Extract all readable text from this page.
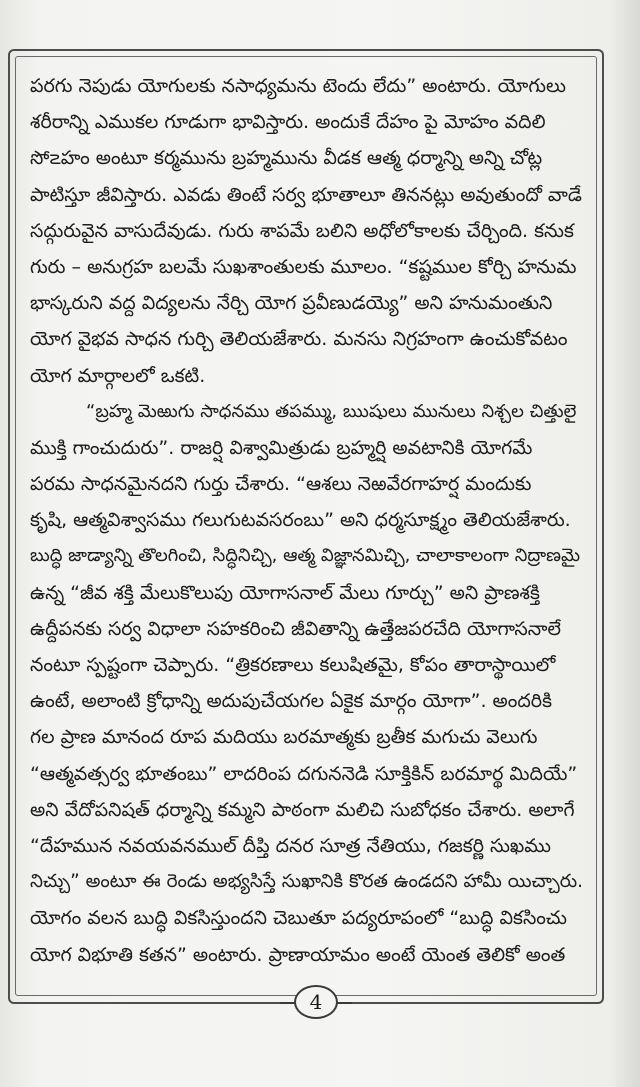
పరగు నెపుడు యోగులకు నసాధ్యమను టెందు లేదు” అంటారు. యోగులు
శరీరాన్ని ఎముకల గూడుగా భావిస్తారు. అందుకే దేహం పై మోహం వదిలి
సో౽హం అంటూ కర్మమును బ్రహ్మమును వీడక ఆత్మ ధర్మాన్ని అన్ని చోట్ల
పాటిస్తూ జీవిస్తారు. ఎవడు తింటే సర్వ భూతాలూ తిననట్లు అవుతుందో వాడే
సద్గురువైన వాసుదేవుడు. గురు శాపమే బలిని అధోలోకాలకు చేర్చింది. కనుక
గురు – అనుగ్రహ బలమే సుఖశాంతులకు మూలం. “కష్టముల కోర్చి హనుమ
భాస్కరుని వద్ద విద్యలను నేర్చి యోగ ప్రవీణుడయ్యె” అని హనుమంతుని
యోగ వైభవ సాధన గుర్చి తెలియజేశారు. మనసు నిగ్రహంగా ఉంచుకోవటం
యోగ మార్గాలలో ఒకటి.
“బ్రహ్మ మెఱుగు సాధనము తపమ్ము, ఋషులు మునులు నిశ్చల చిత్తులై
ముక్తి గాంచుదురు”. రాజర్షి విశ్వామిత్రుడు బ్రహ్మర్షి అవటానికి యోగమే
పరమ సాధనమైనదని గుర్తు చేశారు. “ఆశలు నెఱవేరగాహర్ష మందుకు
కృషి, ఆత్మవిశ్వాసము గలుగుటవసరంబు” అని ధర్మసూక్ష్మం తెలియజేశారు.
బుద్ధి జాడ్యాన్ని తొలగించి, సిద్ధినిచ్చి, ఆత్మ విజ్ఞానమిచ్చి, చాలాకాలంగా నిద్రాణమై
ఉన్న “జీవ శక్తి మేలుకొలుపు యోగాసనాల్ మేలు గూర్చు” అని ప్రాణశక్తి
ఉద్దీపనకు సర్వ విధాలా సహకరించి జీవితాన్ని ఉత్తేజపరచేది యోగాసనాలే
నంటూ స్పష్టంగా చెప్పారు. “త్రికరణాలు కలుషితమై, కోపం తారాస్థాయిలో
ఉంటే, అలాంటి క్రోధాన్ని అదుపుచేయగల ఏకైక మార్గం యోగా”. అందరికి
గల ప్రాణ మానంద రూప మదియు బరమాత్మకు బ్రతీక మగుచు వెలుగు
“ఆత్మవత్సర్వ భూతంబు” లాదరింప దగుననెడి సూక్తికిన్ బరమార్థ మిదియే”
అని వేదోపనిషత్ ధర్మాన్ని కమ్మని పాఠంగా మలిచి సుబోధకం చేశారు. అలాగే
“దేహమున నవయవనముల్ దీప్తి దనర సూత్ర నేతియు, గజకర్ణి సుఖము
నిచ్చు” అంటూ ఈ రెండు అభ్యసిస్తే సుఖానికి కొరత ఉండదని హామీ యిచ్చారు.
యోగం వలన బుద్ధి వికసిస్తుందని చెబుతూ పద్యరూపంలో “బుద్ధి వికసించు
యోగ విభూతి కతన” అంటారు. ప్రాణాయామం అంటే యెంత తెలికో అంత
4
